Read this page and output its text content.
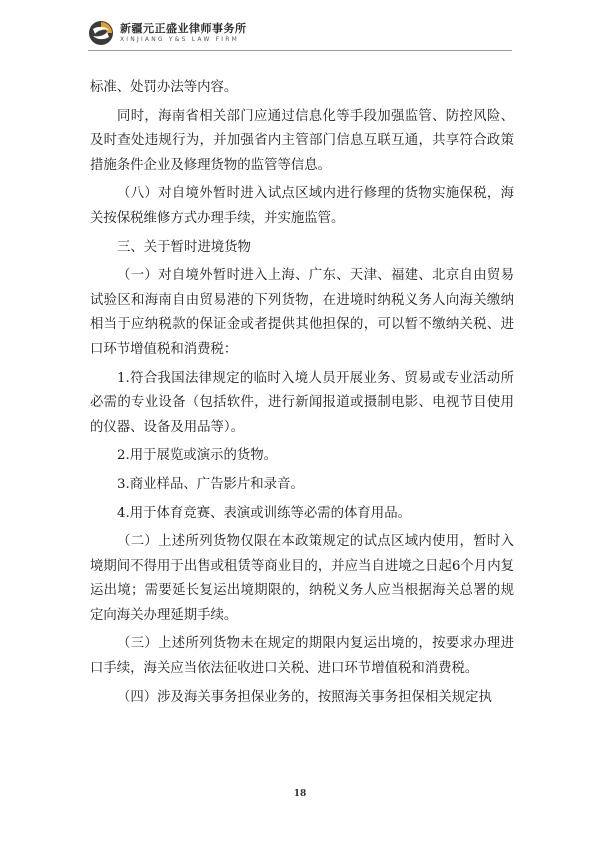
新疆元正盛业律师事务所
XINJIANG Y&S LAW FIRM

标准、处罚办法等内容。

同时，海南省相关部门应通过信息化等手段加强监管、防控风险、及时查处违规行为，并加强省内主管部门信息互联互通，共享符合政策措施条件企业及修理货物的监管等信息。

（八）对自境外暂时进入试点区域内进行修理的货物实施保税，海关按保税维修方式办理手续，并实施监管。

三、关于暂时进境货物

（一）对自境外暂时进入上海、广东、天津、福建、北京自由贸易试验区和海南自由贸易港的下列货物，在进境时纳税义务人向海关缴纳相当于应纳税款的保证金或者提供其他担保的，可以暂不缴纳关税、进口环节增值税和消费税：

1.符合我国法律规定的临时入境人员开展业务、贸易或专业活动所必需的专业设备（包括软件，进行新闻报道或摄制电影、电视节目使用的仪器、设备及用品等）。

2.用于展览或演示的货物。

3.商业样品、广告影片和录音。

4.用于体育竞赛、表演或训练等必需的体育用品。

（二）上述所列货物仅限在本政策规定的试点区域内使用，暂时入境期间不得用于出售或租赁等商业目的，并应当自进境之日起6个月内复运出境；需要延长复运出境期限的，纳税义务人应当根据海关总署的规定向海关办理延期手续。

（三）上述所列货物未在规定的期限内复运出境的，按要求办理进口手续，海关应当依法征收进口关税、进口环节增值税和消费税。

（四）涉及海关事务担保业务的，按照海关事务担保相关规定执

18
